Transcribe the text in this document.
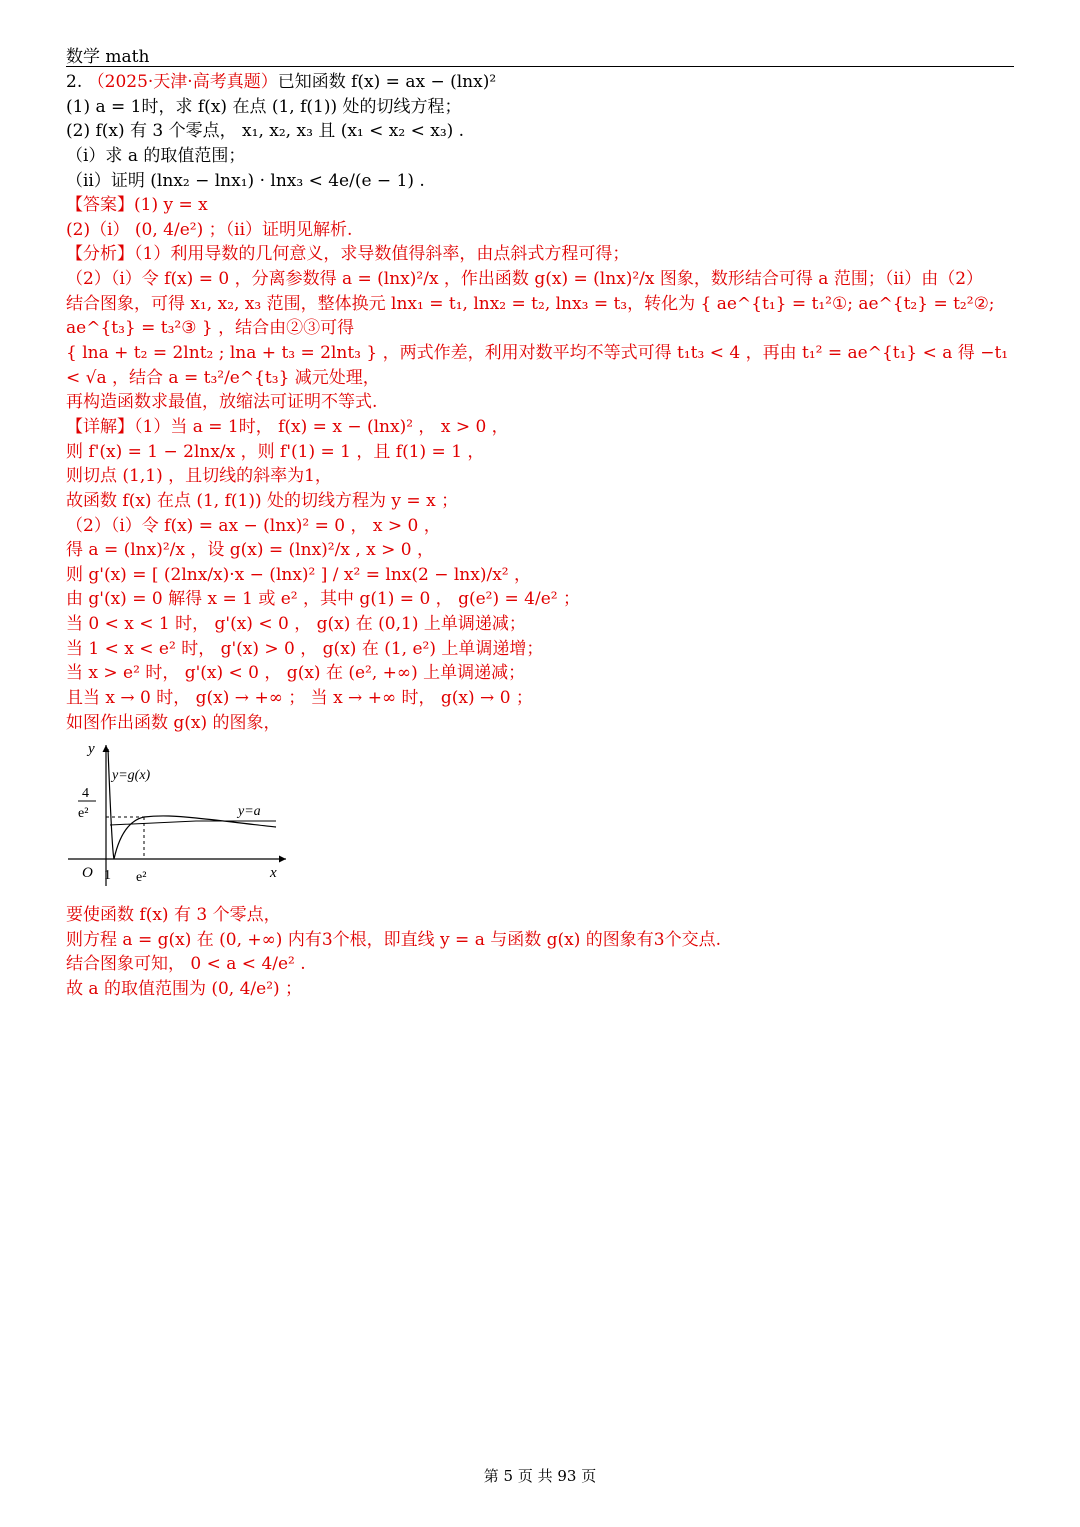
数学 math
2. （2025·天津·高考真题）已知函数 f(x) = ax − (lnx)²
(1) a = 1时，求 f(x) 在点 (1, f(1)) 处的切线方程；
(2) f(x) 有 3 个零点， x₁, x₂, x₃ 且 (x₁ < x₂ < x₃) .
（i）求 a 的取值范围；
（ii）证明 (lnx₂ − lnx₁) · lnx₃ < 4e/(e − 1) .
【答案】(1) y = x
(2)（i） (0, 4/e²) ；（ii）证明见解析.
【分析】（1）利用导数的几何意义，求导数值得斜率，由点斜式方程可得；
（2）（i）令 f(x) = 0 ，分离参数得 a = (lnx)²/x ，作出函数 g(x) = (lnx)²/x 图象，数形结合可得 a 范围；（ii）由（2）
结合图象，可得 x₁, x₂, x₃ 范围，整体换元 lnx₁ = t₁, lnx₂ = t₂, lnx₃ = t₃，转化为 { ae^{t₁} = t₁²①; ae^{t₂} = t₂²②; ae^{t₃} = t₃²③ } ，结合由②③可得
{ lna + t₂ = 2lnt₂ ; lna + t₃ = 2lnt₃ } ，两式作差，利用对数平均不等式可得 t₁t₃ < 4 ，再由 t₁² = ae^{t₁} < a 得 −t₁ < √a ，结合 a = t₃²/e^{t₃} 减元处理，
再构造函数求最值，放缩法可证明不等式.
【详解】（1）当 a = 1时， f(x) = x − (lnx)² ， x > 0 ，
则 f'(x) = 1 − 2lnx/x ，则 f'(1) = 1 ，且 f(1) = 1 ，
则切点 (1,1) ，且切线的斜率为1，
故函数 f(x) 在点 (1, f(1)) 处的切线方程为 y = x ；
（2）（i）令 f(x) = ax − (lnx)² = 0 ， x > 0 ，
得 a = (lnx)²/x ，设 g(x) = (lnx)²/x , x > 0 ，
则 g'(x) = [ (2lnx/x)·x − (lnx)² ] / x² = lnx(2 − lnx)/x² ，
由 g'(x) = 0 解得 x = 1 或 e² ，其中 g(1) = 0 ， g(e²) = 4/e² ；
当 0 < x < 1 时， g'(x) < 0 ， g(x) 在 (0,1) 上单调递减；
当 1 < x < e² 时， g'(x) > 0 ， g(x) 在 (1, e²) 上单调递增；
当 x > e² 时， g'(x) < 0 ， g(x) 在 (e², +∞) 上单调递减；
且当 x → 0 时， g(x) → +∞ ； 当 x → +∞ 时， g(x) → 0 ；
如图作出函数 g(x) 的图象，
y
x
O
y=g(x)
y=a
1 e²
4
e²
要使函数 f(x) 有 3 个零点，
则方程 a = g(x) 在 (0, +∞) 内有3个根，即直线 y = a 与函数 g(x) 的图象有3个交点.
结合图象可知， 0 < a < 4/e² .
故 a 的取值范围为 (0, 4/e²) ；
第 5 页 共 93 页
